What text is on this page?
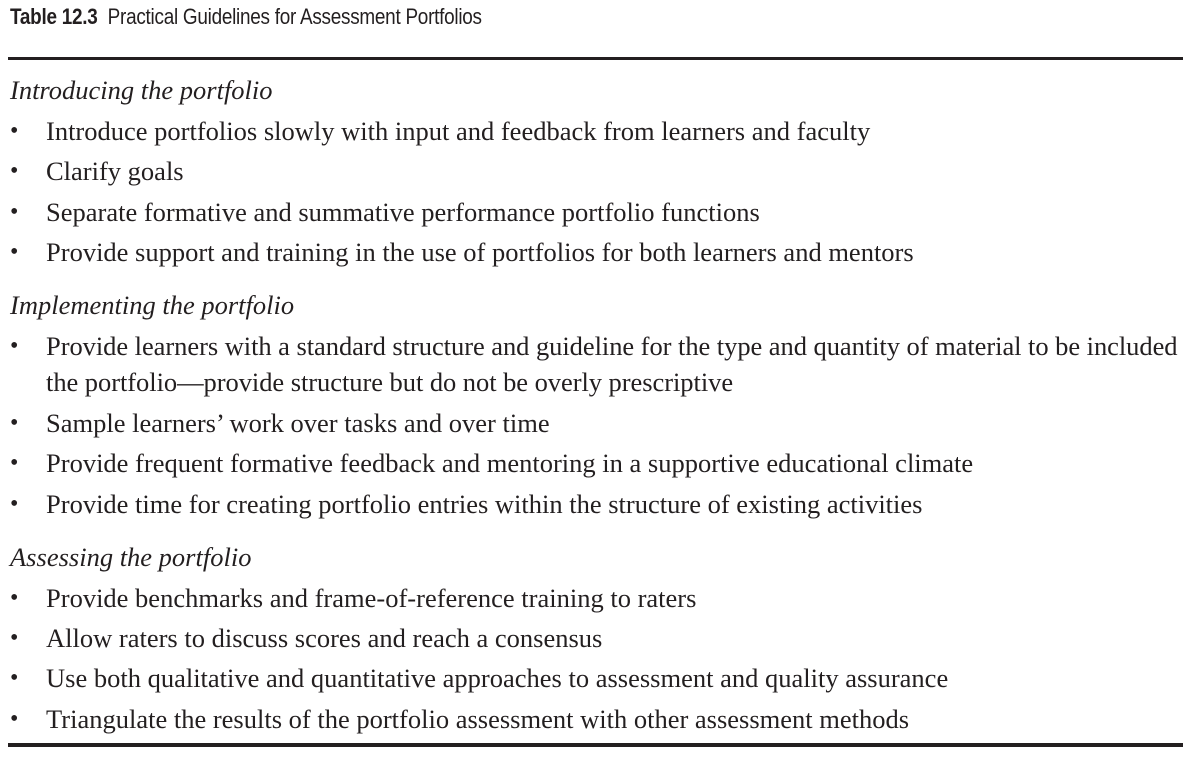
Table 12.3 Practical Guidelines for Assessment Portfolios
Introducing the portfolio
• Introduce portfolios slowly with input and feedback from learners and faculty
• Clarify goals
• Separate formative and summative performance portfolio functions
• Provide support and training in the use of portfolios for both learners and mentors
Implementing the portfolio
• Provide learners with a standard structure and guideline for the type and quantity of material to be included the portfolio—provide structure but do not be overly prescriptive
• Sample learners’ work over tasks and over time
• Provide frequent formative feedback and mentoring in a supportive educational climate
• Provide time for creating portfolio entries within the structure of existing activities
Assessing the portfolio
• Provide benchmarks and frame-of-reference training to raters
• Allow raters to discuss scores and reach a consensus
• Use both qualitative and quantitative approaches to assessment and quality assurance
• Triangulate the results of the portfolio assessment with other assessment methods
